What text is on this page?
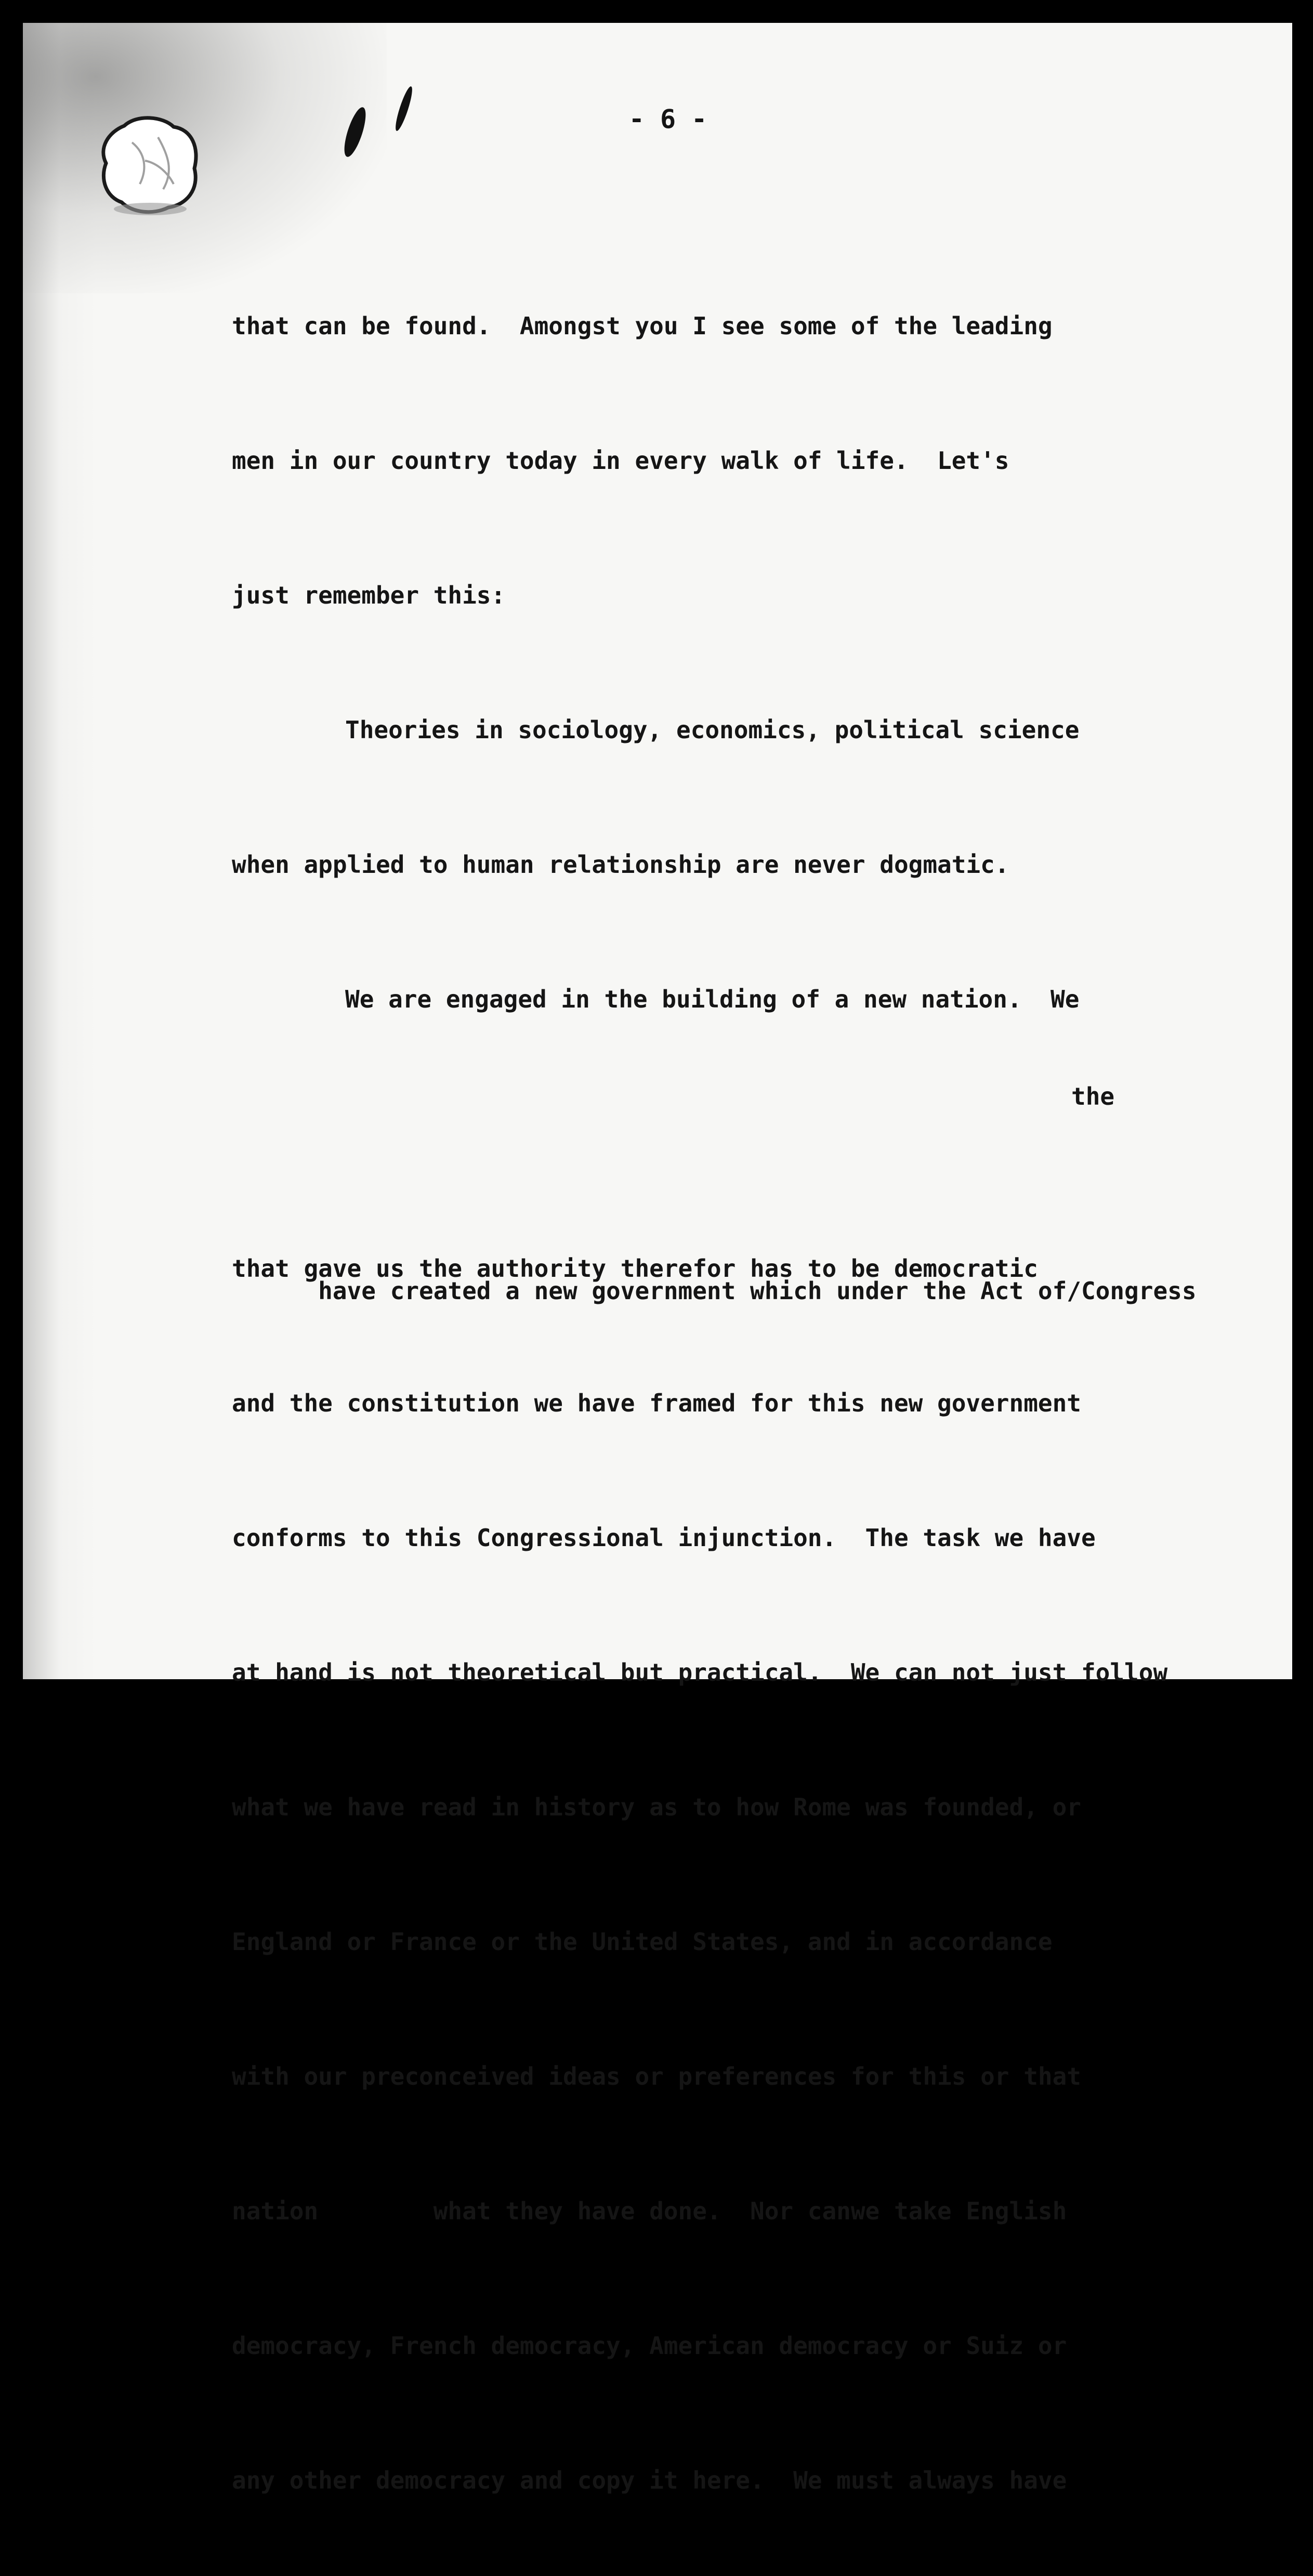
- 6 -

that can be found.  Amongst you I see some of the leading

men in our country today in every walk of life.  Let's

just remember this:

Theories in sociology, economics, political science

when applied to human relationship are never dogmatic.

We are engaged in the building of a new nation.  We

the

have created a new government which under the Act of/Congress

that gave us the authority therefor has to be democratic

and the constitution we have framed for this new government

conforms to this Congressional injunction.  The task we have

at hand is not theoretical but practical.  We can not just follow

what we have read in history as to how Rome was founded, or

England or France or the United States, and in accordance

with our preconceived ideas or preferences for this or that

nation        what they have done.  Nor canwe take English

democracy, French democracy, American democracy or Suiz or

any other democracy and copy it here.  We must always have
